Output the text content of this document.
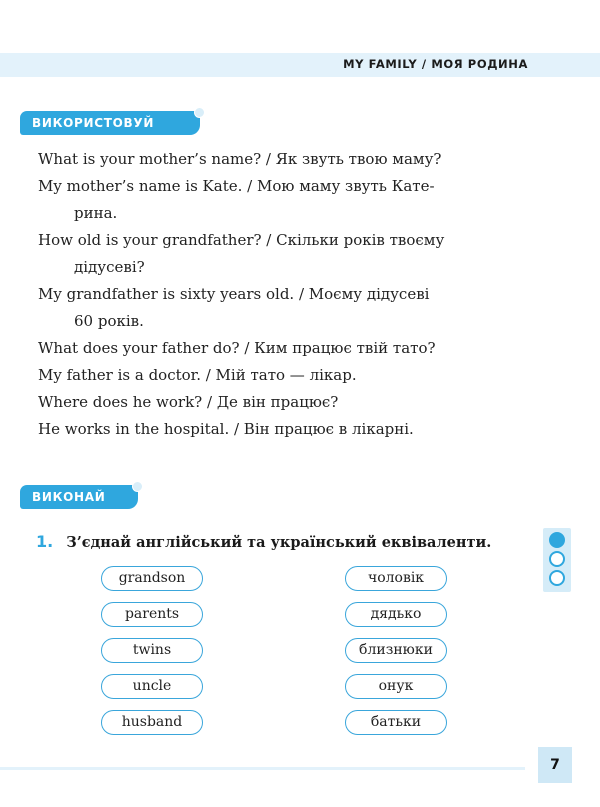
MY FAMILY / МОЯ РОДИНА
ВИКОРИСТОВУЙ
What is your mother’s name? / Як звуть твою маму?
My mother’s name is Kate. / Мою маму звуть Кате-
рина.
How old is your grandfather? / Скільки років твоєму
дідусеві?
My grandfather is sixty years old. / Моєму дідусеві
60 років.
What does your father do? / Ким працює твій тато?
My father is a doctor. / Мій тато — лікар.
Where does he work? / Де він працює?
He works in the hospital. / Він працює в лікарні.
ВИКОНАЙ
1. З’єднай англійський та український еквіваленти.
grandson
parents
twins
uncle
husband
чоловік
дядько
близнюки
онук
батьки
7
